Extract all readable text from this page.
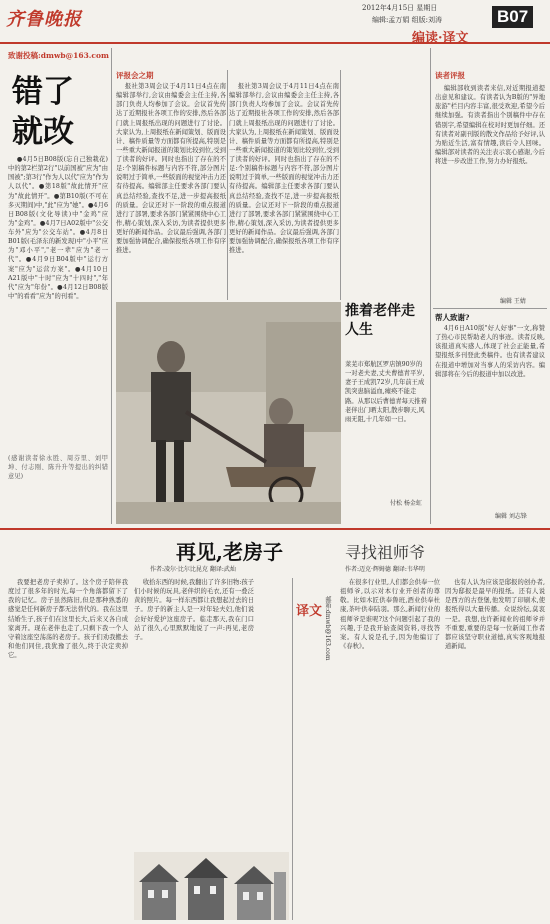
齐鲁晚报
2012年4月15日 星期日
编辑:孟万娟 组版:刘涛	B07
编读·译文
致谢投稿:dmwb@163.com
错了 就改

●4月5日B08版(忘自己独栽花)中的第2栏第2行"以前国被"应为"由国被";第3行"作为人以代"应为"作为人以代"。●第18版"故此情开"应为"故此情开"。●第B10版(不可在多灭期间)中,"此"应为"她"。●4月6日B08版(文化导读)中"金鸡"应为"金鸡"。●4月7日A02版中"公交车外"应为"公交车站"。●4月8日B01版(毛泽东的新发现)中"小平"应为"邓小平","老一辈"应为"老一代"。●4月9日B04版中"运行方案"应为"运营方案"。●4月10日A21版中"十时"应为"十四时","年代"应为"年份"。●4月12日B08版中"的看看"应为"的刊看"。

(感谢读者徐永胜、周芬里、刘甲坤、付志刚、陈升升等提出的纠错意见)
评报会之期

报社第3周会议于4月11日4点在南编辑部举行,会议由编委会主任主持,各部门负责人均参加了会议。会议首先传达了近期报社各项工作的安排,然后各部门就上周报纸出现的问题进行了讨论。大家认为,上周报纸在新闻策划、版面设计、稿件质量等方面都有所提高,特别是一些重大新闻报道的策划比较到位,受到了读者的好评。同时也指出了存在的不足:个别稿件标题与内容不符,部分图片说明过于简单,一些版面的视觉冲击力还有待提高。编辑部主任要求各部门要认真总结经验,查找不足,进一步提高报纸的质量。会议还对下一阶段的重点报道进行了部署,要求各部门紧紧围绕中心工作,精心策划,深入采访,为读者提供更多更好的新闻作品。会议最后强调,各部门要加强协调配合,确保报纸各项工作有序推进。

报社第3周会议于4月11日4点在南编辑部举行,会议由编委会主任主持,各部门负责人均参加了会议。会议首先传达了近期报社各项工作的安排,然后各部门就上周报纸出现的问题进行了讨论。大家认为,上周报纸在新闻策划、版面设计、稿件质量等方面都有所提高,特别是一些重大新闻报道的策划比较到位,受到了读者的好评。同时也指出了存在的不足:个别稿件标题与内容不符,部分图片说明过于简单,一些版面的视觉冲击力还有待提高。编辑部主任要求各部门要认真总结经验,查找不足,进一步提高报纸的质量。会议还对下一阶段的重点报道进行了部署,要求各部门紧紧围绕中心工作,精心策划,深入采访,为读者提供更多更好的新闻作品。会议最后强调,各部门要加强协调配合,确保报纸各项工作有序推进。

推着老伴走人生
莱芜市郑航区罗店镇90岁的一对老夫妻,丈夫曹德青平岁,妻子王成凯72岁,几年前王成凯突患脑溢血,瘫痪不能走路。从那以后曹德青每天推着老伴出门晒太阳,散步聊天,风雨无阻,十几年如一日。
付松 杨金虹
读者评报

编辑部收到读者来信,对近期报道提出意见和建议。有读者认为B版的"异地旅游"栏目内容丰富,很受欢迎,希望今后继续加强。有读者指出个别稿件中存在错别字,希望编辑在校对时更加仔细。还有读者对副刊版的散文作品给予好评,认为贴近生活,富有情趣,读后令人回味。编辑部对读者的关注表示衷心感谢,今后将进一步改进工作,努力办好报纸。

编辑 王婧
帮人致谢?

4月6日A10版"好人好事"一文,称赞了热心市民帮助老人的事迹。读者反映,该报道真实感人,体现了社会正能量,希望报纸多刊登此类稿件。也有读者建议在报道中增加对当事人的采访内容。编辑部将在今后的报道中加以改进。

编辑 刘志锋
再见,老房子	寻找祖师爷
作者:凌尔·比尔比昆克 翻译:武灿	作者:迈克·辉姆德 翻译:韦华明

我要把老房子卖掉了。这个房子陪伴我度过了很多年的时光,每一个角落都留下了我的记忆。房子虽然陈旧,但是那种熟悉的感觉是任何新房子都无法替代的。我在这里结婚生子,孩子们在这里长大,后来又各自成家离开。现在老伴也走了,只剩下我一个人守着这座空荡荡的老房子。孩子们劝我搬去和他们同住,我犹豫了很久,终于决定卖掉它。

收拾东西的时候,我翻出了许多旧物:孩子们小时候的玩具,老伴织的毛衣,还有一叠泛黄的照片。每一样东西都让我想起过去的日子。房子的新主人是一对年轻夫妇,他们说会好好爱护这座房子。临走那天,我在门口站了很久,心里默默地说了一声:再见,老房子。

译文 邮箱:dmwb@163.com

在很多行业里,人们都会供奉一位祖师爷,以示对本行业开创者的尊敬。比如木匠供奉鲁班,酒业供奉杜康,茶叶供奉陆羽。那么,新闻行业的祖师爷是谁呢?这个问题引起了我的兴趣,于是我开始查阅资料,寻找答案。有人说是孔子,因为他编订了《春秋》。

也有人认为应该是邸报的创办者,因为邸报是最早的报纸。还有人说是西方的古登堡,他发明了印刷术,使报纸得以大量传播。众说纷纭,莫衷一是。我想,也许新闻业的祖师爷并不重要,重要的是每一位新闻工作者都应该坚守职业道德,真实客观地报道新闻。
